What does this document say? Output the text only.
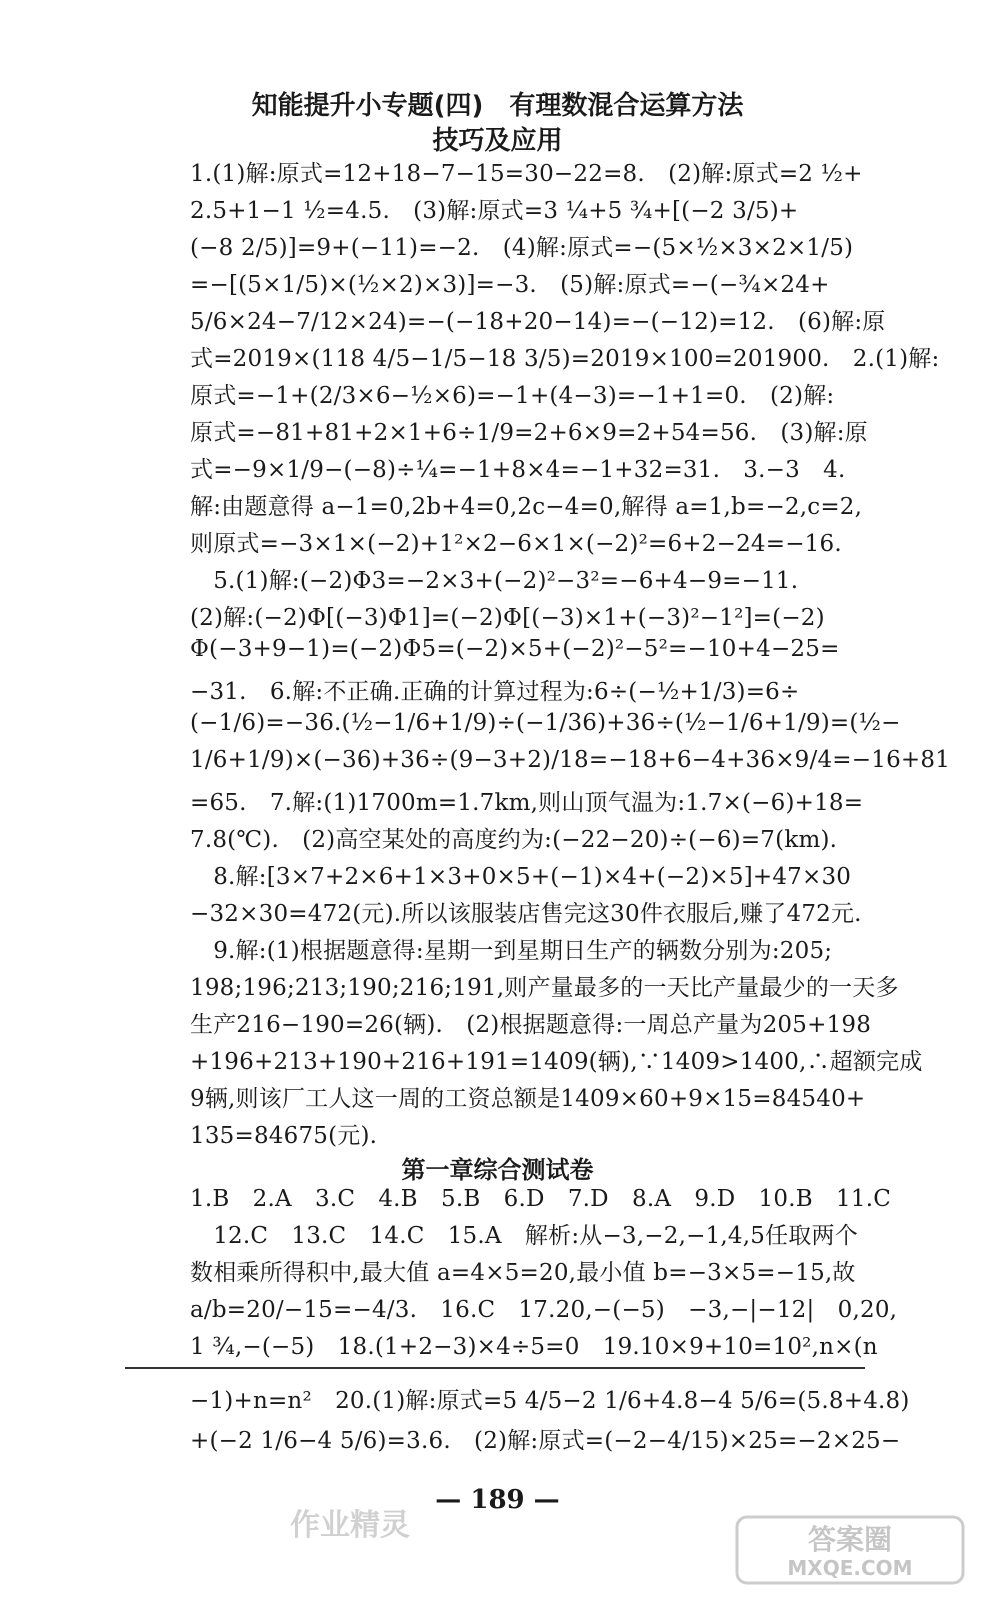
知能提升小专题(四)　有理数混合运算方法
技巧及应用
1.(1)解:原式=12+18−7−15=30−22=8.　(2)解:原式=2 ½+
2.5+1−1 ½=4.5.　(3)解:原式=3 ¼+5 ¾+[(−2 3/5)+
(−8 2/5)]=9+(−11)=−2.　(4)解:原式=−(5×½×3×2×1/5)
=−[(5×1/5)×(½×2)×3)]=−3.　(5)解:原式=−(−¾×24+
5/6×24−7/12×24)=−(−18+20−14)=−(−12)=12.　(6)解:原
式=2019×(118 4/5−1/5−18 3/5)=2019×100=201900.　2.(1)解:
原式=−1+(2/3×6−½×6)=−1+(4−3)=−1+1=0.　(2)解:
原式=−81+81+2×1+6÷1/9=2+6×9=2+54=56.　(3)解:原
式=−9×1/9−(−8)÷¼=−1+8×4=−1+32=31.　3.−3　4.
解:由题意得 a−1=0,2b+4=0,2c−4=0,解得 a=1,b=−2,c=2,
则原式=−3×1×(−2)+1²×2−6×1×(−2)²=6+2−24=−16.
　5.(1)解:(−2)Φ3=−2×3+(−2)²−3²=−6+4−9=−11.
(2)解:(−2)Φ[(−3)Φ1]=(−2)Φ[(−3)×1+(−3)²−1²]=(−2)
Φ(−3+9−1)=(−2)Φ5=(−2)×5+(−2)²−5²=−10+4−25=
−31.　6.解:不正确.正确的计算过程为:6÷(−½+1/3)=6÷
(−1/6)=−36.(½−1/6+1/9)÷(−1/36)+36÷(½−1/6+1/9)=(½−
1/6+1/9)×(−36)+36÷(9−3+2)/18=−18+6−4+36×9/4=−16+81
=65.　7.解:(1)1700m=1.7km,则山顶气温为:1.7×(−6)+18=
7.8(℃).　(2)高空某处的高度约为:(−22−20)÷(−6)=7(km).
　8.解:[3×7+2×6+1×3+0×5+(−1)×4+(−2)×5]+47×30
−32×30=472(元).所以该服装店售完这30件衣服后,赚了472元.
　9.解:(1)根据题意得:星期一到星期日生产的辆数分别为:205;
198;196;213;190;216;191,则产量最多的一天比产量最少的一天多
生产216−190=26(辆).　(2)根据题意得:一周总产量为205+198
+196+213+190+216+191=1409(辆),∵1409>1400,∴超额完成
9辆,则该厂工人这一周的工资总额是1409×60+9×15=84540+
135=84675(元).
第一章综合测试卷
1.B　2.A　3.C　4.B　5.B　6.D　7.D　8.A　9.D　10.B　11.C
　12.C　13.C　14.C　15.A　解析:从−3,−2,−1,4,5任取两个
数相乘所得积中,最大值 a=4×5=20,最小值 b=−3×5=−15,故
a/b=20/−15=−4/3.　16.C　17.20,−(−5)　−3,−|−12|　0,20,
1 ¾,−(−5)　18.(1+2−3)×4÷5=0　19.10×9+10=10²,n×(n
−1)+n=n²　20.(1)解:原式=5 4/5−2 1/6+4.8−4 5/6=(5.8+4.8)
+(−2 1/6−4 5/6)=3.6.　(2)解:原式=(−2−4/15)×25=−2×25−
— 189 —
作业精灵	答案圈
MXQE.COM
